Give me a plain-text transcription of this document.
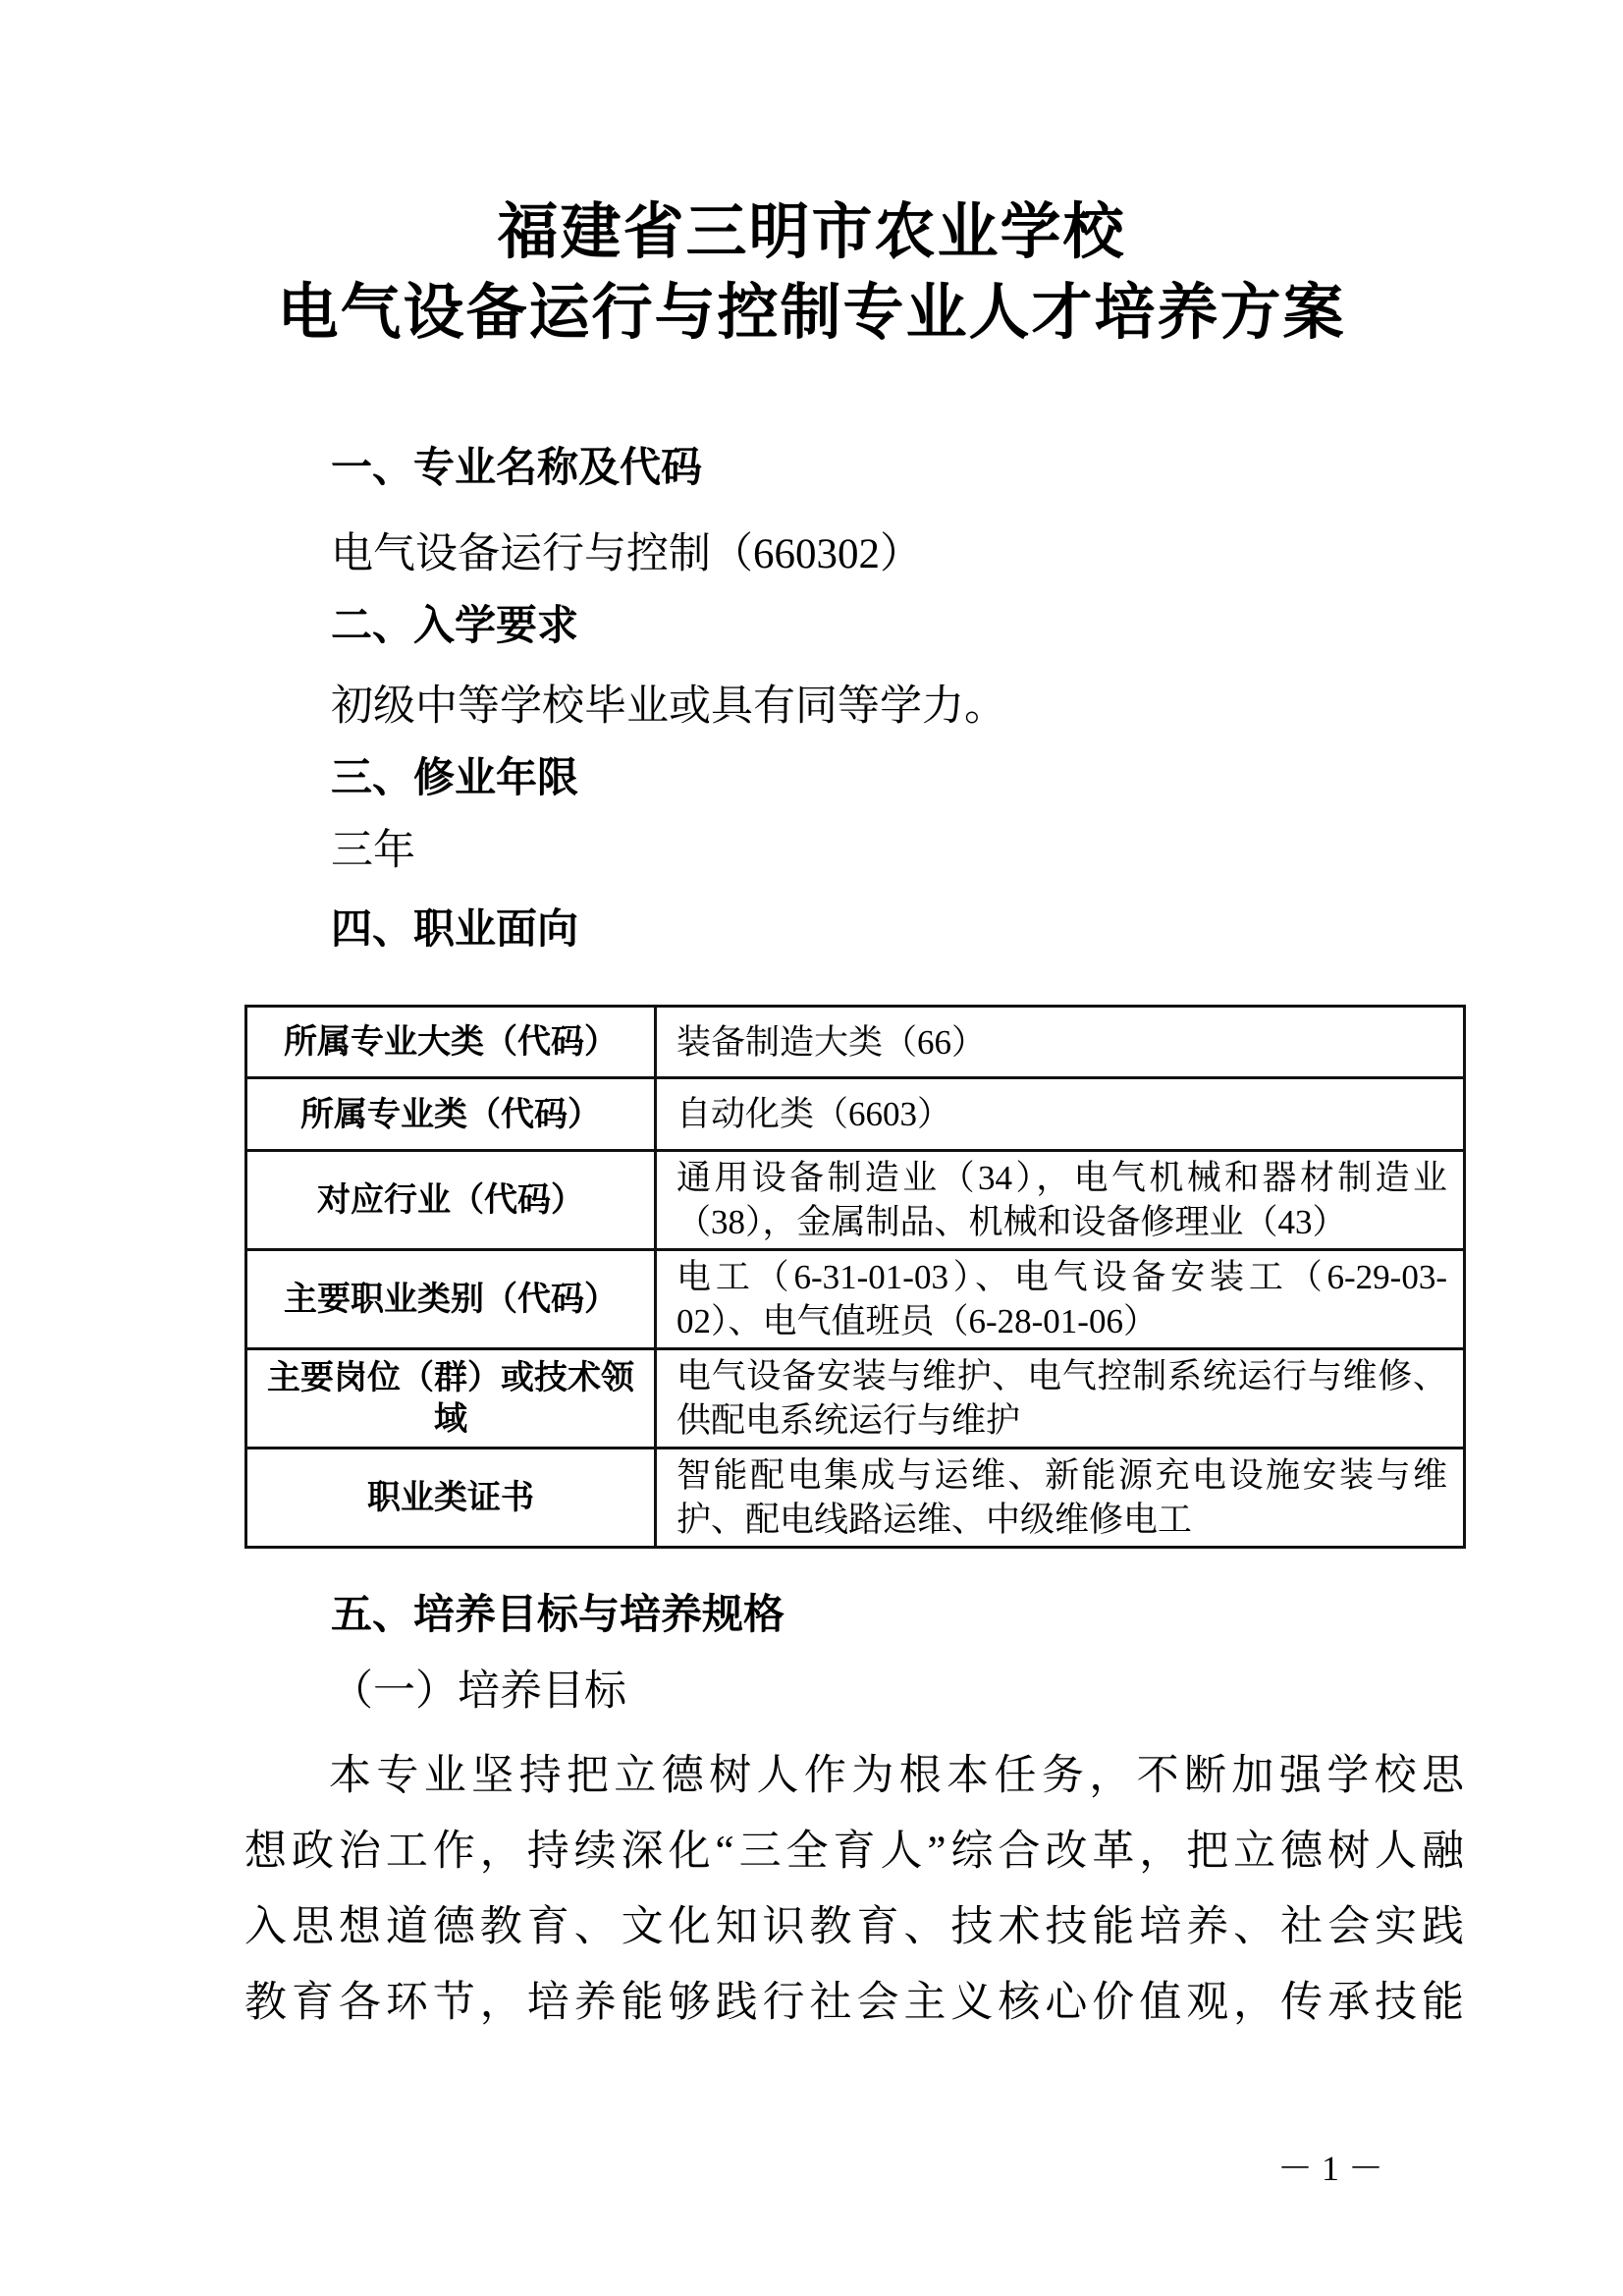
福建省三明市农业学校
电气设备运行与控制专业人才培养方案
一、专业名称及代码
电气设备运行与控制（660302）
二、入学要求
初级中等学校毕业或具有同等学力。
三、修业年限
三年
四、职业面向
所属专业大类（代码）	装备制造大类（66）
所属专业类（代码）	自动化类（6603）
对应行业（代码）	通用设备制造业（34），电气机械和器材制造业（38），金属制品、机械和设备修理业（43）
主要职业类别（代码）	电工（6-31-01-03）、电气设备安装工（6-29-03-02）、电气值班员（6-28-01-06）
主要岗位（群）或技术领域	电气设备安装与维护、电气控制系统运行与维修、供配电系统运行与维护
职业类证书	智能配电集成与运维、新能源充电设施安装与维护、配电线路运维、中级维修电工
五、培养目标与培养规格
（一）培养目标
本专业坚持把立德树人作为根本任务，不断加强学校思
想政治工作，持续深化“三全育人”综合改革，把立德树人融
入思想道德教育、文化知识教育、技术技能培养、社会实践
教育各环节，培养能够践行社会主义核心价值观，传承技能
－ 1 －
